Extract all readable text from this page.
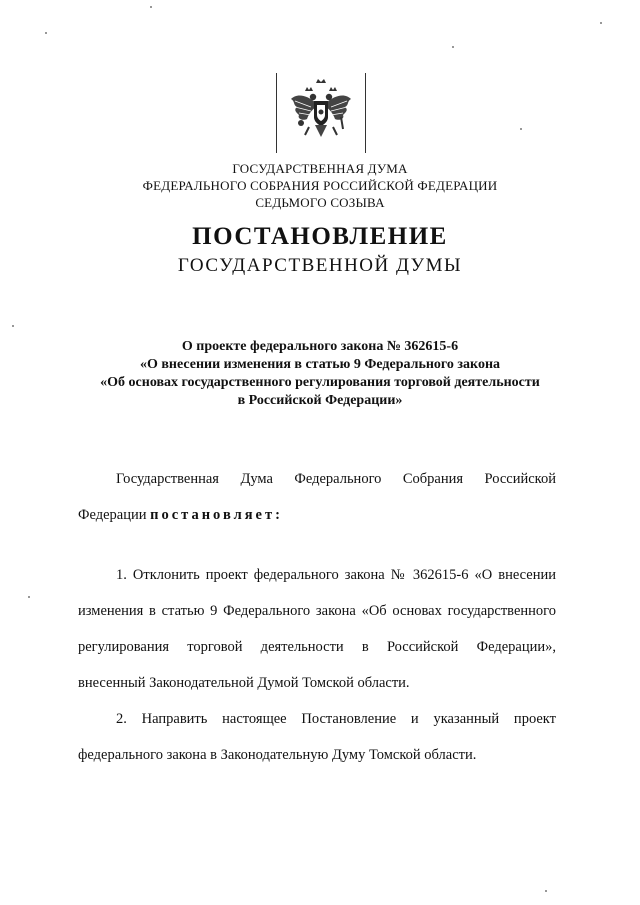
ГОСУДАРСТВЕННАЯ ДУМА
ФЕДЕРАЛЬНОГО СОБРАНИЯ РОССИЙСКОЙ ФЕДЕРАЦИИ
СЕДЬМОГО СОЗЫВА
ПОСТАНОВЛЕНИЕ
ГОСУДАРСТВЕННОЙ ДУМЫ
О проекте федерального закона № 362615-6
«О внесении изменения в статью 9 Федерального закона
«Об основах государственного регулирования торговой деятельности
в Российской Федерации»
Государственная Дума Федерального Собрания Российской
Федерации постановляет:
1. Отклонить проект федерального закона № 362615-6 «О внесении
изменения в статью 9 Федерального закона «Об основах государственного
регулирования торговой деятельности в Российской Федерации»,
внесенный Законодательной Думой Томской области.
2. Направить настоящее Постановление и указанный проект
федерального закона в Законодательную Думу Томской области.
